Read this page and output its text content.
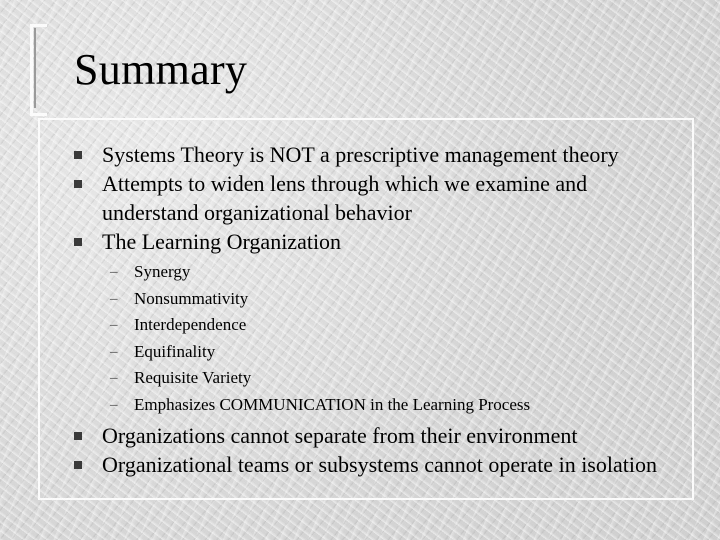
Summary
Systems Theory is NOT a prescriptive management theory
Attempts to widen lens through which we examine and understand organizational behavior
The Learning Organization
– Synergy
– Nonsummativity
– Interdependence
– Equifinality
– Requisite Variety
– Emphasizes COMMUNICATION in the Learning Process
Organizations cannot separate from their environment
Organizational teams or subsystems cannot operate in isolation
